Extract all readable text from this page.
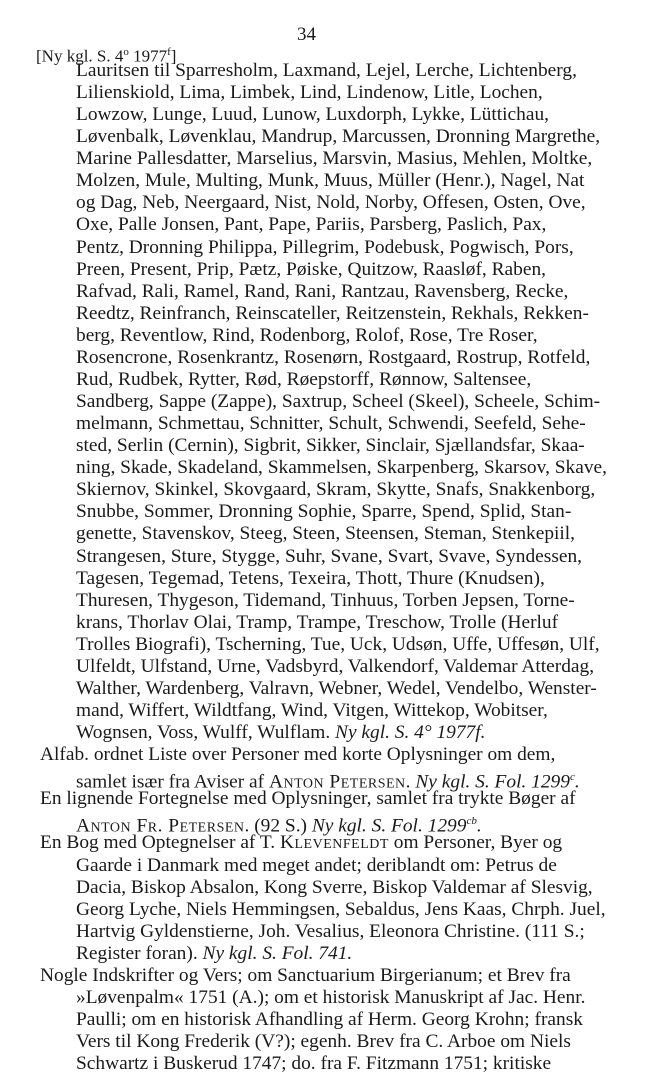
34
[Ny kgl. S. 4$^o$ 1977$^f$]
Lauritsen til Sparresholm, Laxmand, Lejel, Lerche, Lichtenberg,
Lilienskiold, Lima, Limbek, Lind, Lindenow, Litle, Lochen,
Lowzow, Lunge, Luud, Lunow, Luxdorph, Lykke, Lüttichau,
Løvenbalk, Løvenklau, Mandrup, Marcussen, Dronning Margrethe,
Marine Pallesdatter, Marselius, Marsvin, Masius, Mehlen, Moltke,
Molzen, Mule, Multing, Munk, Muus, Müller (Henr.), Nagel, Nat
og Dag, Neb, Neergaard, Nist, Nold, Norby, Offesen, Osten, Ove,
Oxe, Palle Jonsen, Pant, Pape, Pariis, Parsberg, Paslich, Pax,
Pentz, Dronning Philippa, Pillegrim, Podebusk, Pogwisch, Pors,
Preen, Present, Prip, Pætz, Pøiske, Quitzow, Raasløf, Raben,
Rafvad, Rali, Ramel, Rand, Rani, Rantzau, Ravensberg, Recke,
Reedtz, Reinfranch, Reinscateller, Reitzenstein, Rekhals, Rekken-
berg, Reventlow, Rind, Rodenborg, Rolof, Rose, Tre Roser,
Rosencrone, Rosenkrantz, Rosenørn, Rostgaard, Rostrup, Rotfeld,
Rud, Rudbek, Rytter, Rød, Røepstorff, Rønnow, Saltensee,
Sandberg, Sappe (Zappe), Saxtrup, Scheel (Skeel), Scheele, Schim-
melmann, Schmettau, Schnitter, Schult, Schwendi, Seefeld, Sehe-
sted, Serlin (Cernin), Sigbrit, Sikker, Sinclair, Sjællandsfar, Skaa-
ning, Skade, Skadeland, Skammelsen, Skarpenberg, Skarsov, Skave,
Skiernov, Skinkel, Skovgaard, Skram, Skytte, Snafs, Snakkenborg,
Snubbe, Sommer, Dronning Sophie, Sparre, Spend, Splid, Stan-
genette, Stavenskov, Steeg, Steen, Steensen, Steman, Stenkepiil,
Strangesen, Sture, Stygge, Suhr, Svane, Svart, Svave, Syndessen,
Tagesen, Tegemad, Tetens, Texeira, Thott, Thure (Knudsen),
Thuresen, Thygeson, Tidemand, Tinhuus, Torben Jepsen, Torne-
krans, Thorlav Olai, Tramp, Trampe, Treschow, Trolle (Herluf
Trolles Biografi), Tscherning, Tue, Uck, Udsøn, Uffe, Uffesøn, Ulf,
Ulfeldt, Ulfstand, Urne, Vadsbyrd, Valkendorf, Valdemar Atterdag,
Walther, Wardenberg, Valravn, Webner, Wedel, Vendelbo, Wenster-
mand, Wiffert, Wildtfang, Wind, Vitgen, Wittekop, Wobitser,
Wognsen, Voss, Wulff, Wulflam. Ny kgl. S. 4° 1977f.
Alfab. ordnet Liste over Personer med korte Oplysninger om dem,
samlet især fra Aviser af Anton Petersen. Ny kgl. S. Fol. 1299$^c$.
En lignende Fortegnelse med Oplysninger, samlet fra trykte Bøger af
Anton Fr. Petersen. (92 S.) Ny kgl. S. Fol. $1299^{cb}$.
En Bog med Optegnelser af T. Klevenfeldt om Personer, Byer og
Gaarde i Danmark med meget andet; deriblandt om: Petrus de
Dacia, Biskop Absalon, Kong Sverre, Biskop Valdemar af Slesvig,
Georg Lyche, Niels Hemmingsen, Sebaldus, Jens Kaas, Chrph. Juel,
Hartvig Gyldenstierne, Joh. Vesalius, Eleonora Christine. (111 S.;
Register foran). Ny kgl. S. Fol. 741.
Nogle Indskrifter og Vers; om Sanctuarium Birgerianum; et Brev fra
»Løvenpalm« 1751 (A.); om et historisk Manuskript af Jac. Henr.
Paulli; om en historisk Afhandling af Herm. Georg Krohn; fransk
Vers til Kong Frederik (V?); egenh. Brev fra C. Arboe om Niels
Schwartz i Buskerud 1747; do. fra F. Fitzmann 1751; kritiske
